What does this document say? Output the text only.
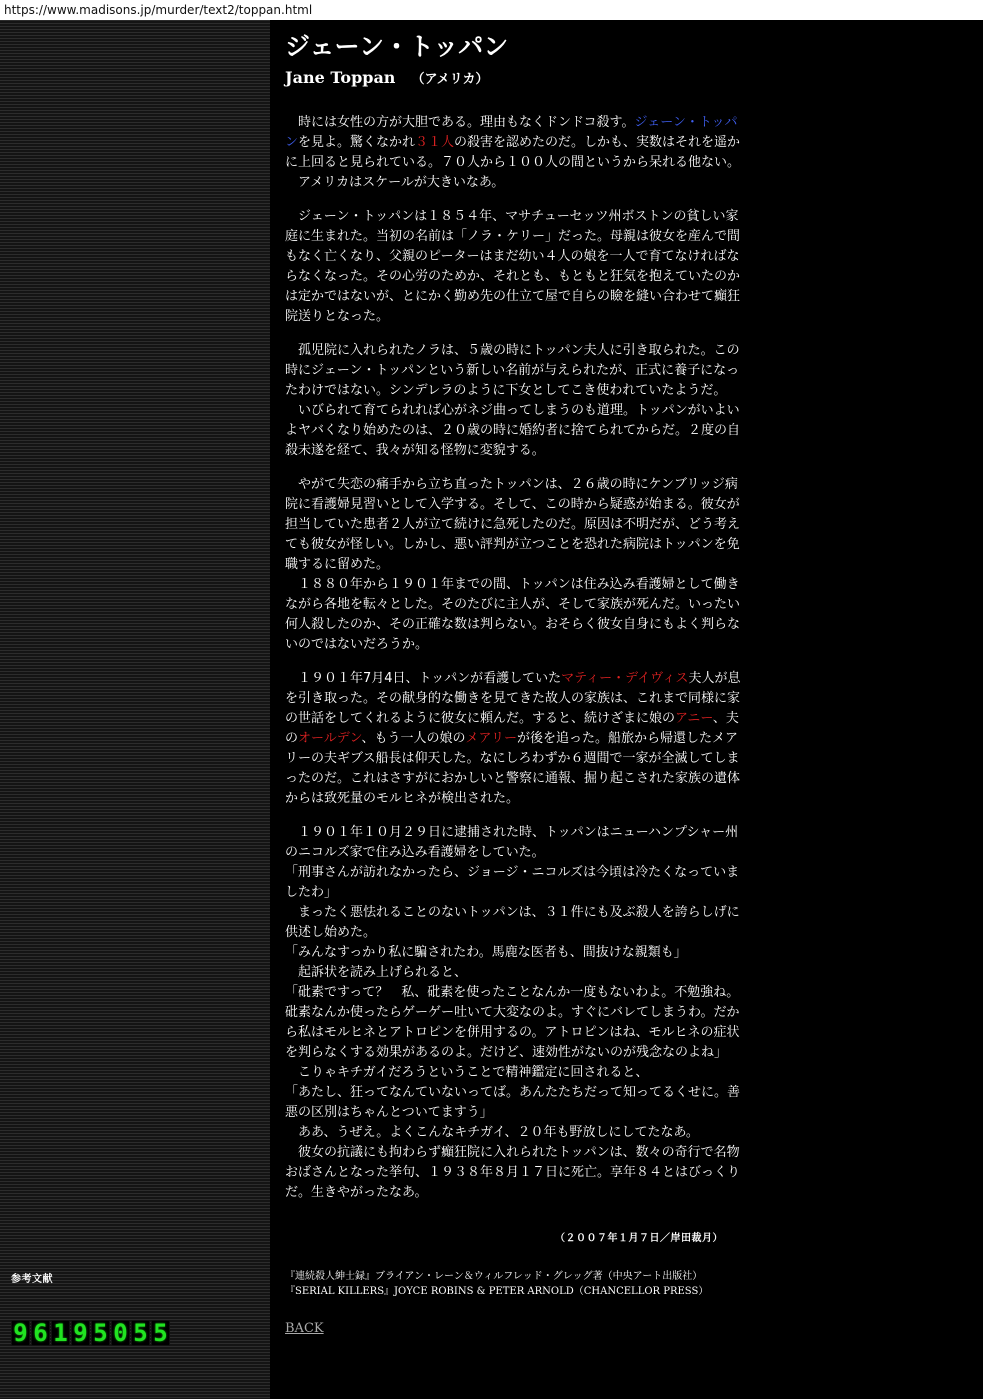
https://www.madisons.jp/murder/text2/toppan.html
参考文献
9 6 1 9 5 0 5 5
ジェーン・トッパン
Jane Toppan （アメリカ）

時には女性の方が大胆である。理由もなくドンドコ殺す。ジェーン・トッパンを見よ。驚くなかれ３１人の殺害を認めたのだ。しかも、実数はそれを遥かに上回ると見られている。７０人から１００人の間というから呆れる他ない。
アメリカはスケールが大きいなあ。

ジェーン・トッパンは１８５４年、マサチューセッツ州ボストンの貧しい家庭に生まれた。当初の名前は「ノラ・ケリー」だった。母親は彼女を産んで間もなく亡くなり、父親のピーターはまだ幼い４人の娘を一人で育てなければならなくなった。その心労のためか、それとも、もともと狂気を抱えていたのかは定かではないが、とにかく勤め先の仕立て屋で自らの瞼を縫い合わせて癲狂院送りとなった。

孤児院に入れられたノラは、５歳の時にトッパン夫人に引き取られた。この時にジェーン・トッパンという新しい名前が与えられたが、正式に養子になったわけではない。シンデレラのように下女としてこき使われていたようだ。
いびられて育てられれば心がネジ曲ってしまうのも道理。トッパンがいよいよヤバくなり始めたのは、２０歳の時に婚約者に捨てられてからだ。２度の自殺未遂を経て、我々が知る怪物に変貌する。

やがて失恋の痛手から立ち直ったトッパンは、２６歳の時にケンブリッジ病院に看護婦見習いとして入学する。そして、この時から疑惑が始まる。彼女が担当していた患者２人が立て続けに急死したのだ。原因は不明だが、どう考えても彼女が怪しい。しかし、悪い評判が立つことを恐れた病院はトッパンを免職するに留めた。
１８８０年から１９０１年までの間、トッパンは住み込み看護婦として働きながら各地を転々とした。そのたびに主人が、そして家族が死んだ。いったい何人殺したのか、その正確な数は判らない。おそらく彼女自身にもよく判らないのではないだろうか。

１９０１年7月4日、トッパンが看護していたマティー・デイヴィス夫人が息を引き取った。その献身的な働きを見てきた故人の家族は、これまで同様に家の世話をしてくれるように彼女に頼んだ。すると、続けざまに娘のアニー、夫のオールデン、もう一人の娘のメアリーが後を追った。船旅から帰還したメアリーの夫ギブス船長は仰天した。なにしろわずか６週間で一家が全滅してしまったのだ。これはさすがにおかしいと警察に通報、掘り起こされた家族の遺体からは致死量のモルヒネが検出された。

１９０１年１０月２９日に逮捕された時、トッパンはニューハンプシャー州のニコルズ家で住み込み看護婦をしていた。
「刑事さんが訪れなかったら、ジョージ・ニコルズは今頃は冷たくなっていましたわ」
まったく悪怯れることのないトッパンは、３１件にも及ぶ殺人を誇らしげに供述し始めた。
「みんなすっかり私に騙されたわ。馬鹿な医者も、間抜けな親類も」
起訴状を読み上げられると、
「砒素ですって？　私、砒素を使ったことなんか一度もないわよ。不勉強ね。砒素なんか使ったらゲーゲー吐いて大変なのよ。すぐにバレてしまうわ。だから私はモルヒネとアトロピンを併用するの。アトロピンはね、モルヒネの症状を判らなくする効果があるのよ。だけど、速効性がないのが残念なのよね」
こりゃキチガイだろうということで精神鑑定に回されると、
「あたし、狂ってなんていないってば。あんたたちだって知ってるくせに。善悪の区別はちゃんとついてますう」
ああ、うぜえ。よくこんなキチガイ、２０年も野放しにしてたなあ。
彼女の抗議にも拘わらず癲狂院に入れられたトッパンは、数々の奇行で名物おばさんとなった挙句、１９３８年８月１７日に死亡。享年８４とはびっくりだ。生きやがったなあ。

（２００７年１月７日／岸田裁月）
『連続殺人紳士録』ブライアン・レーン＆ウィルフレッド・グレッグ著（中央アート出版社）
『SERIAL KILLERS』JOYCE ROBINS & PETER ARNOLD（CHANCELLOR PRESS）
BACK
